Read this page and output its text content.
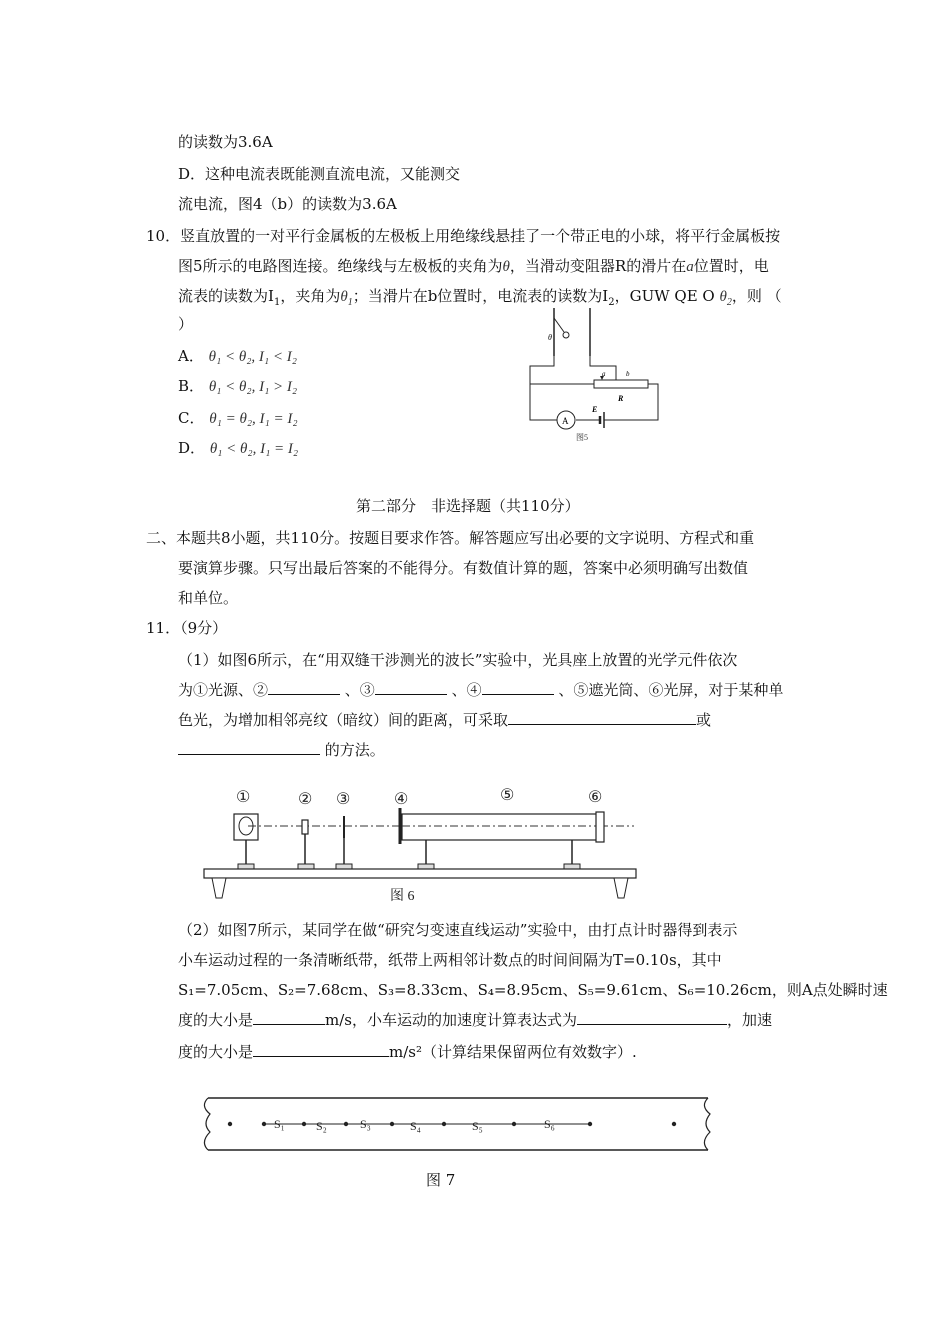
的读数为3.6A
D．这种电流表既能测直流电流，又能测交
流电流，图4（b）的读数为3.6A
10．竖直放置的一对平行金属板的左极板上用绝缘线悬挂了一个带正电的小球，将平行金属板按
图5所示的电路图连接。绝缘线与左极板的夹角为θ，当滑动变阻器R的滑片在a位置时，电
流表的读数为$I_1$，夹角为$\theta_1$；当滑片在b位置时，电流表的读数为$I_2$，GUW QE O $\theta_2$，则 （
）
A． θ₁ < θ₂, I₁ < I₂
B． θ₁ < θ₂, I₁ > I₂
C． θ₁ = θ₂, I₁ = I₂
D． θ₁ < θ₂, I₁ = I₂
θ
a	b
R
E
A
图5
第二部分　非选择题（共110分）
二、本题共8小题，共110分。按题目要求作答。解答题应写出必要的文字说明、方程式和重
要演算步骤。只写出最后答案的不能得分。有数值计算的题，答案中必须明确写出数值
和单位。
11．（9分）
（1）如图6所示，在“用双缝干涉测光的波长”实验中，光具座上放置的光学元件依次
为①光源、②	、③	、④	、⑤遮光筒、⑥光屏，对于某种单
色光，为增加相邻亮纹（暗纹）间的距离，可采取	或
的方法。
①	② ③	④	⑤	⑥
图 6
（2）如图7所示，某同学在做“研究匀变速直线运动”实验中，由打点计时器得到表示
小车运动过程的一条清晰纸带，纸带上两相邻计数点的时间间隔为T=0.10s，其中
S₁=7.05cm、S₂=7.68cm、S₃=8.33cm、S₄=8.95cm、S₅=9.61cm、S₆=10.26cm，则A点处瞬时速
度的大小是	m/s，小车运动的加速度计算表达式为	，加速
度的大小是	m/s²（计算结果保留两位有效数字）.
S₁	S₂	S₃	S₄	S₅	S₆
图 7
